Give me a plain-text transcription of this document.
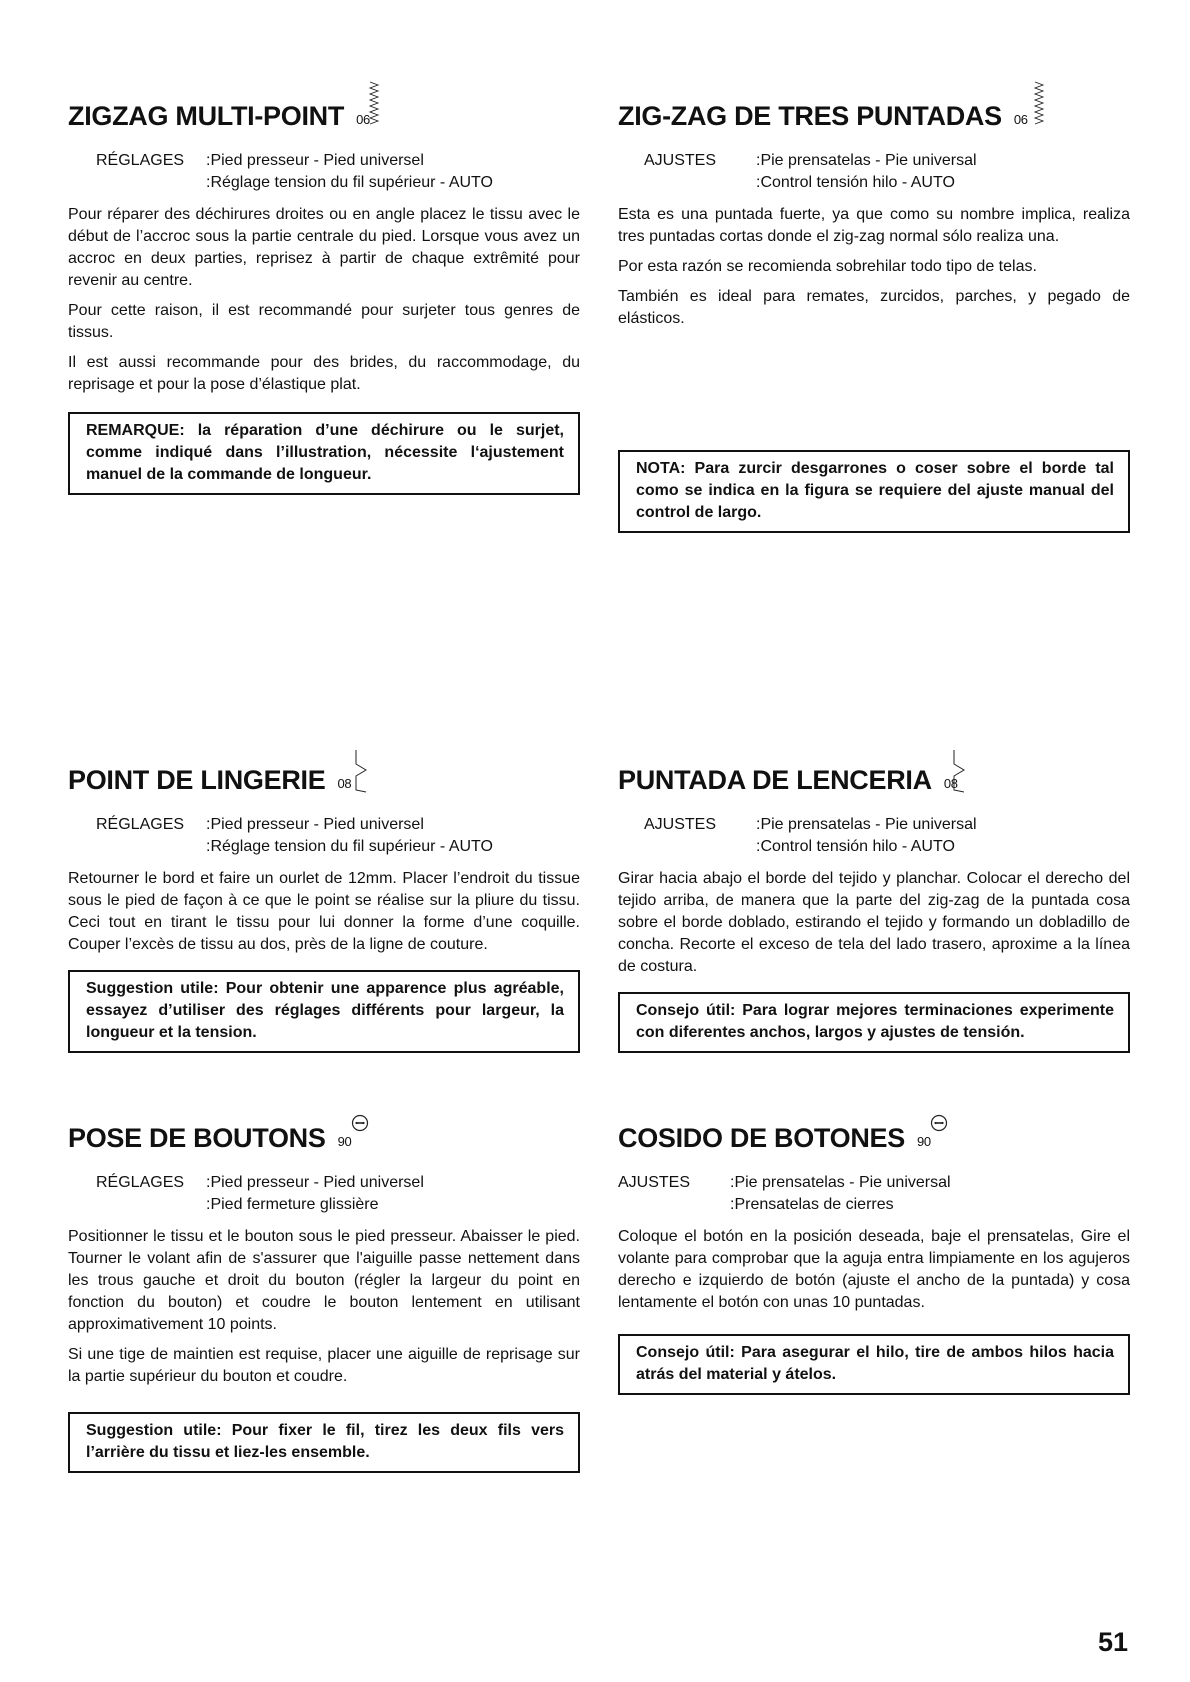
ZIGZAG MULTI-POINT 06
RÉGLAGES	:Pied presseur - Pied universel
:Réglage tension du fil supérieur - AUTO

Pour réparer des déchirures droites ou en angle placez le tissu avec le début de l’accroc sous la partie centrale du pied. Lorsque vous avez un accroc en deux parties, reprisez à partir de chaque extrêmité pour revenir au centre.

Pour cette raison, il est recommandé pour surjeter tous genres de tissus.

Il est aussi recommande pour des brides, du raccommodage, du reprisage et pour la pose d’élastique plat.

REMARQUE: la réparation d’une déchirure ou le surjet, comme indiqué dans l’illustration, nécessite l‘ajustement manuel de la commande de longueur.
ZIG-ZAG DE TRES PUNTADAS 06
AJUSTES	:Pie prensatelas - Pie universal
:Control tensión hilo - AUTO

Esta es una puntada fuerte, ya que como su nombre implica, realiza tres puntadas cortas donde el zig-zag normal sólo realiza una.

Por esta razón se recomienda sobrehilar todo tipo de telas.

También es ideal para remates, zurcidos, parches, y pegado de elásticos.

NOTA: Para zurcir desgarrones o coser sobre el borde tal como se indica en la figura se requiere del ajuste manual del control de largo.
POINT DE LINGERIE 08
RÉGLAGES	:Pied presseur - Pied universel
:Réglage tension du fil supérieur - AUTO

Retourner le bord et faire un ourlet de 12mm. Placer l’endroit du tissue sous le pied de façon à ce que le point se réalise sur la pliure du tissu. Ceci tout en tirant le tissu pour lui donner la forme d’une coquille. Couper l’excès de tissu au dos, près de la ligne de couture.

Suggestion utile: Pour obtenir une apparence plus agréable, essayez d’utiliser des réglages différents pour largeur, la longueur et la tension.
PUNTADA DE LENCERIA 08
AJUSTES	:Pie prensatelas - Pie universal
:Control tensión hilo - AUTO

Girar hacia abajo el borde del tejido y planchar. Colocar el derecho del tejido arriba, de manera que la parte del zig-zag de la puntada cosa sobre el borde doblado, estirando el tejido y formando un dobladillo de concha. Recorte el exceso de tela del lado trasero, aproxime a la línea de costura.

Consejo útil: Para lograr mejores terminaciones experimente con diferentes anchos, largos y ajustes de tensión.
POSE DE BOUTONS 90
RÉGLAGES	:Pied presseur - Pied universel
:Pied fermeture glissière

Positionner le tissu et le bouton sous le pied presseur. Abaisser le pied. Tourner le volant afin de s'assurer que l'aiguille passe nettement dans les trous gauche et droit du bouton (régler la largeur du point en fonction du bouton) et coudre le bouton lentement en utilisant approximativement 10 points.

Si une tige de maintien est requise, placer une aiguille de reprisage sur la partie supérieur du bouton et coudre.

Suggestion utile: Pour fixer le fil, tirez les deux fils vers l’arrière du tissu et liez-les ensemble.
COSIDO DE BOTONES 90
AJUSTES	:Pie prensatelas - Pie universal
:Prensatelas de cierres

Coloque el botón en la posición deseada, baje el prensatelas, Gire el volante para comprobar que la aguja entra limpiamente en los agujeros derecho e izquierdo de botón (ajuste el ancho de la puntada) y cosa lentamente el botón con unas 10 puntadas.

Consejo útil: Para asegurar el hilo, tire de ambos hilos hacia atrás del material y átelos.
51
